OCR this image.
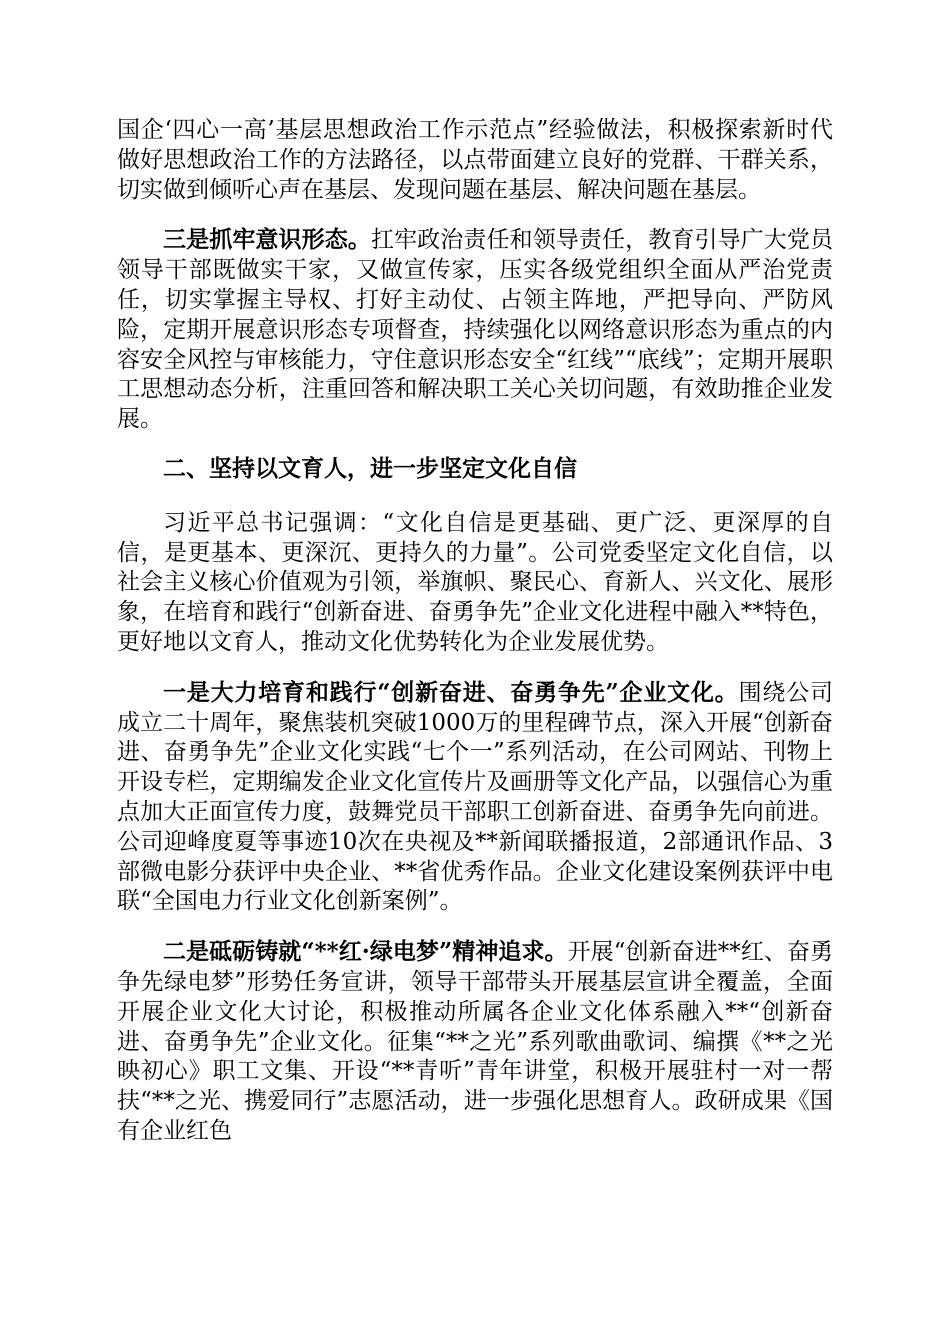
国企‘四心一高’基层思想政治工作示范点”经验做法，积极探索新时代做好思想政治工作的方法路径，以点带面建立良好的党群、干群关系，切实做到倾听心声在基层、发现问题在基层、解决问题在基层。

三是抓牢意识形态。扛牢政治责任和领导责任，教育引导广大党员领导干部既做实干家，又做宣传家，压实各级党组织全面从严治党责任，切实掌握主导权、打好主动仗、占领主阵地，严把导向、严防风险，定期开展意识形态专项督查，持续强化以网络意识形态为重点的内容安全风控与审核能力，守住意识形态安全“红线”“底线”；定期开展职工思想动态分析，注重回答和解决职工关心关切问题，有效助推企业发展。

二、坚持以文育人，进一步坚定文化自信

习近平总书记强调：“文化自信是更基础、更广泛、更深厚的自信，是更基本、更深沉、更持久的力量”。公司党委坚定文化自信，以社会主义核心价值观为引领，举旗帜、聚民心、育新人、兴文化、展形象，在培育和践行“创新奋进、奋勇争先”企业文化进程中融入**特色，更好地以文育人，推动文化优势转化为企业发展优势。

一是大力培育和践行“创新奋进、奋勇争先”企业文化。围绕公司成立二十周年，聚焦装机突破1000万的里程碑节点，深入开展“创新奋进、奋勇争先”企业文化实践“七个一”系列活动，在公司网站、刊物上开设专栏，定期编发企业文化宣传片及画册等文化产品，以强信心为重点加大正面宣传力度，鼓舞党员干部职工创新奋进、奋勇争先向前进。公司迎峰度夏等事迹10次在央视及**新闻联播报道，2部通讯作品、3部微电影分获评中央企业、**省优秀作品。企业文化建设案例获评中电联“全国电力行业文化创新案例”。

二是砥砺铸就“**红·绿电梦”精神追求。开展“创新奋进**红、奋勇争先绿电梦”形势任务宣讲，领导干部带头开展基层宣讲全覆盖，全面开展企业文化大讨论，积极推动所属各企业文化体系融入**“创新奋进、奋勇争先”企业文化。征集“**之光”系列歌曲歌词、编撰《**之光映初心》职工文集、开设“**青听”青年讲堂，积极开展驻村一对一帮扶“**之光、携爱同行”志愿活动，进一步强化思想育人。政研成果《国有企业红色
